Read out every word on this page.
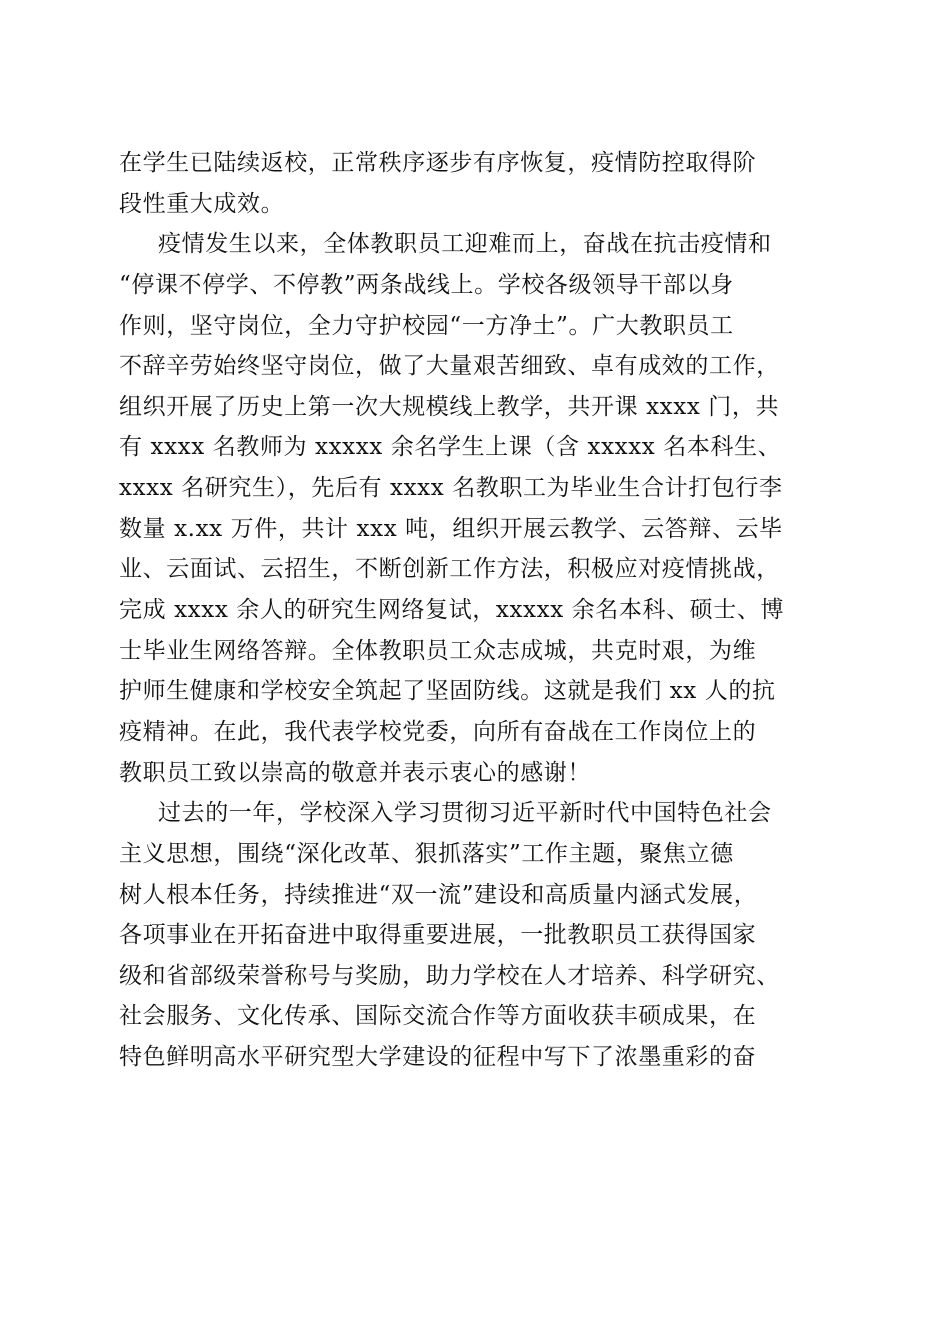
在学生已陆续返校，正常秩序逐步有序恢复，疫情防控取得阶
段性重大成效。
疫情发生以来，全体教职员工迎难而上，奋战在抗击疫情和
“停课不停学、不停教”两条战线上。学校各级领导干部以身
作则，坚守岗位，全力守护校园“一方净土”。广大教职员工
不辞辛劳始终坚守岗位，做了大量艰苦细致、卓有成效的工作，
组织开展了历史上第一次大规模线上教学，共开课 xxxx 门，共
有 xxxx 名教师为 xxxxx 余名学生上课（含 xxxxx 名本科生、
xxxx 名研究生），先后有 xxxx 名教职工为毕业生合计打包行李
数量 x.xx 万件，共计 xxx 吨，组织开展云教学、云答辩、云毕
业、云面试、云招生，不断创新工作方法，积极应对疫情挑战，
完成 xxxx 余人的研究生网络复试，xxxxx 余名本科、硕士、博
士毕业生网络答辩。全体教职员工众志成城，共克时艰，为维
护师生健康和学校安全筑起了坚固防线。这就是我们 xx 人的抗
疫精神。在此，我代表学校党委，向所有奋战在工作岗位上的
教职员工致以崇高的敬意并表示衷心的感谢！
过去的一年，学校深入学习贯彻习近平新时代中国特色社会
主义思想，围绕“深化改革、狠抓落实”工作主题，聚焦立德
树人根本任务，持续推进“双一流”建设和高质量内涵式发展，
各项事业在开拓奋进中取得重要进展，一批教职员工获得国家
级和省部级荣誉称号与奖励，助力学校在人才培养、科学研究、
社会服务、文化传承、国际交流合作等方面收获丰硕成果，在
特色鲜明高水平研究型大学建设的征程中写下了浓墨重彩的奋
